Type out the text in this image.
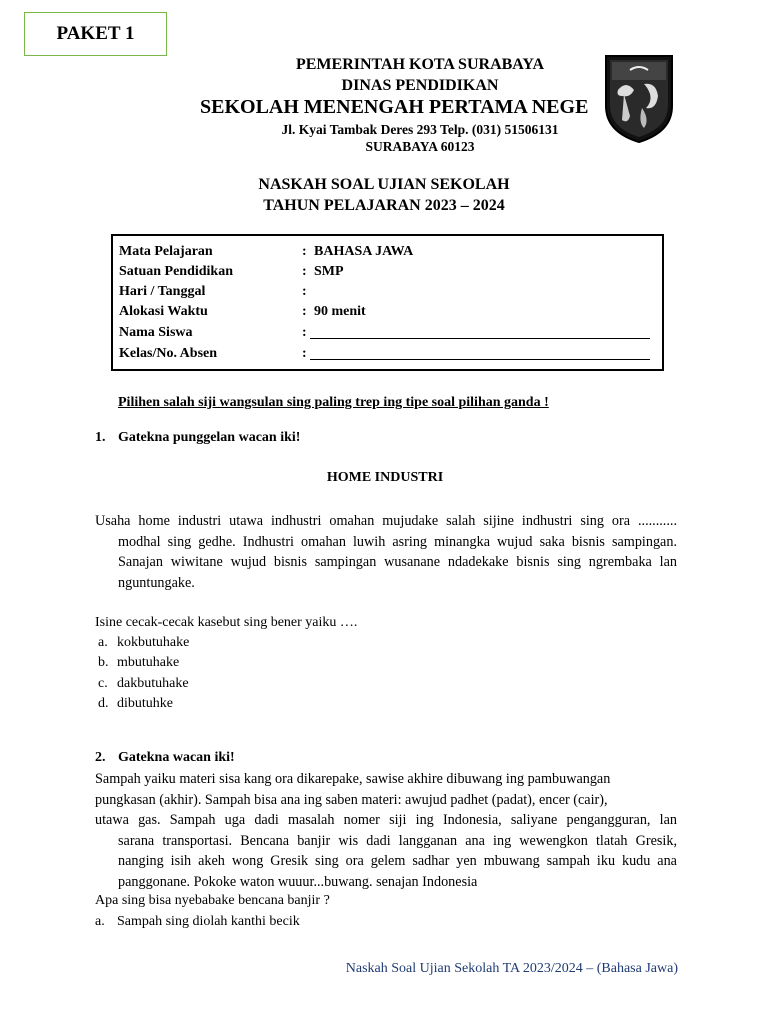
PAKET 1
PEMERINTAH KOTA SURABAYA
DINAS PENDIDIKAN
SEKOLAH MENENGAH PERTAMA NEGE
Jl. Kyai Tambak Deres 293 Telp. (031) 51506131
SURABAYA 60123
NASKAH SOAL UJIAN SEKOLAH
TAHUN PELAJARAN 2023 – 2024
Mata Pelajaran	: BAHASA JAWA
Satuan Pendidikan	: SMP
Hari / Tanggal	:
Alokasi Waktu	: 90 menit
Nama Siswa	:
Kelas/No. Absen	:
Pilihen salah siji wangsulan sing paling trep ing tipe soal pilihan ganda !
1. Gatekna punggelan wacan iki!
HOME INDUSTRI
Usaha home industri utawa indhustri omahan mujudake salah sijine indhustri sing ora ...........
modhal sing gedhe. Indhustri omahan luwih asring minangka wujud saka bisnis sampingan.
Sanajan wiwitane wujud bisnis sampingan wusanane ndadekake bisnis sing ngrembaka lan
nguntungake.
Isine cecak-cecak kasebut sing bener yaiku ….
a. kokbutuhake
b. mbutuhake
c. dakbutuhake
d. dibutuhke
2. Gatekna wacan iki!
Sampah yaiku materi sisa kang ora dikarepake, sawise akhire dibuwang ing pambuwangan
pungkasan (akhir). Sampah bisa ana ing saben materi: awujud padhet (padat), encer (cair),
utawa gas. Sampah uga dadi masalah nomer siji ing Indonesia, saliyane pengangguran, lan
sarana transportasi. Bencana banjir wis dadi langganan ana ing wewengkon tlatah Gresik,
nanging isih akeh wong Gresik sing ora gelem sadhar yen mbuwang sampah iku kudu ana
panggonane. Pokoke waton wuuur...buwang. senajan Indonesia
Apa sing bisa nyebabake bencana banjir ?
a. Sampah sing diolah kanthi becik
Naskah Soal Ujian Sekolah TA 2023/2024 – (Bahasa Jawa)
